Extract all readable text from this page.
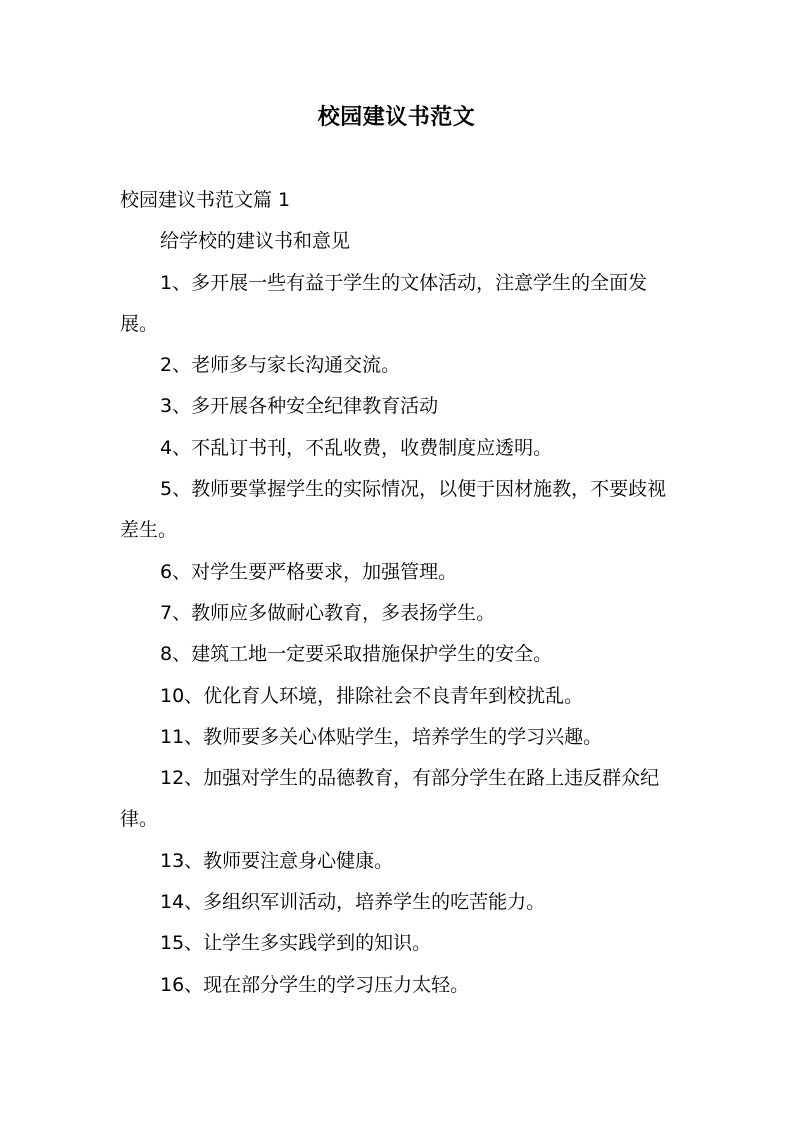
校园建议书范文

校园建议书范文篇 1

给学校的建议书和意见

1、多开展一些有益于学生的文体活动，注意学生的全面发展。

2、老师多与家长沟通交流。

3、多开展各种安全纪律教育活动

4、不乱订书刊，不乱收费，收费制度应透明。

5、教师要掌握学生的实际情况，以便于因材施教，不要歧视差生。

6、对学生要严格要求，加强管理。

7、教师应多做耐心教育，多表扬学生。

8、建筑工地一定要采取措施保护学生的安全。

10、优化育人环境，排除社会不良青年到校扰乱。

11、教师要多关心体贴学生，培养学生的学习兴趣。

12、加强对学生的品德教育，有部分学生在路上违反群众纪律。

13、教师要注意身心健康。

14、多组织军训活动，培养学生的吃苦能力。

15、让学生多实践学到的知识。

16、现在部分学生的学习压力太轻。
